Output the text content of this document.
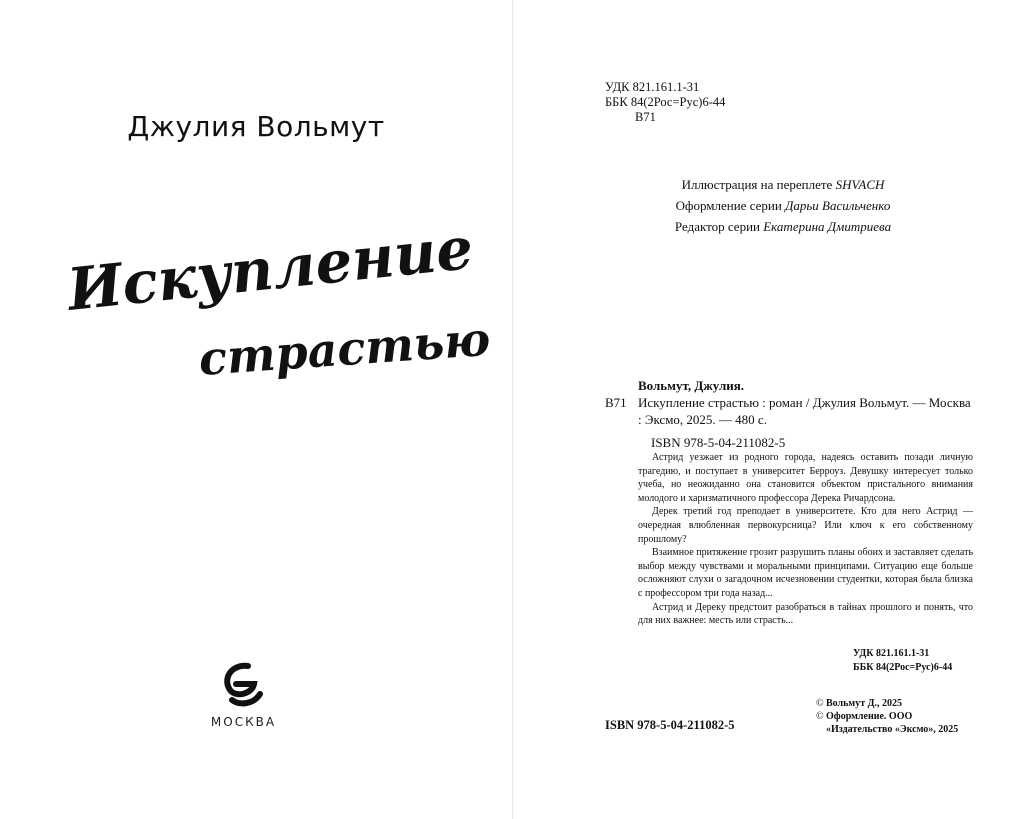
Джулия Вольмут
Искупление
страстью
МОСКВА
УДК 821.161.1-31
ББК 84(2Рос=Рус)6-44
В71
Иллюстрация на переплете SHVACH
Оформление серии Дарьи Васильченко
Редактор серии Екатерина Дмитриева
Вольмут, Джулия.
В71 Искупление страстью : роман / Джулия Вольмут. — Москва : Эксмо, 2025. — 480 с.
ISBN 978-5-04-211082-5

Астрид уезжает из родного города, надеясь оставить позади личную трагедию, и поступает в университет Берроуз. Девушку интересует только учеба, но неожиданно она становится объектом пристального внимания молодого и харизматичного профессора Дерека Ричардсона.

Дерек третий год преподает в университете. Кто для него Астрид — очередная влюбленная первокурсница? Или ключ к его собственному прошлому?

Взаимное притяжение грозит разрушить планы обоих и заставляет сделать выбор между чувствами и моральными принципами. Ситуацию еще больше осложняют слухи о загадочном исчезновении студентки, которая была близка с профессором три года назад...

Астрид и Дереку предстоит разобраться в тайнах прошлого и понять, что для них важнее: месть или страсть...

УДК 821.161.1-31
ББК 84(2Рос=Рус)6-44
ISBN 978-5-04-211082-5
© Вольмут Д., 2025
© Оформление. ООО «Издательство «Эксмо», 2025
